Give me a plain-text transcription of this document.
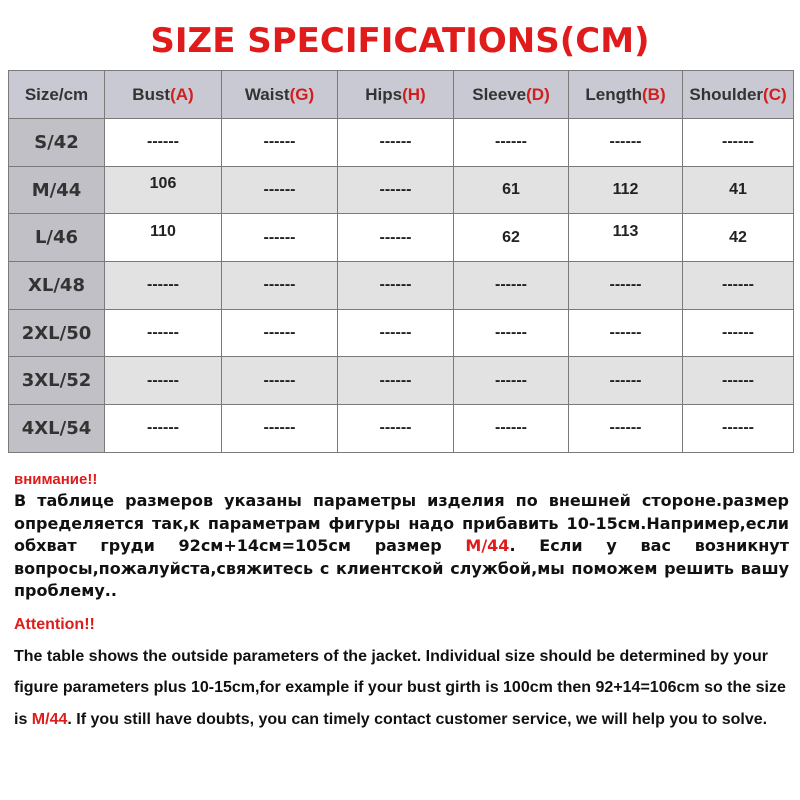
SIZE SPECIFICATIONS(CM)
Size/cm	Bust(A)	Waist(G)	Hips(H)	Sleeve(D)	Length(B)	Shoulder(C)
S/42	------	------	------	------	------	------
M/44	106	------	------	61	112	41
L/46	110	------	------	62	113	42
XL/48	------	------	------	------	------	------
2XL/50	------	------	------	------	------	------
3XL/52	------	------	------	------	------	------
4XL/54	------	------	------	------	------	------
внимание!!
В таблице размеров указаны параметры изделия по внешней стороне.размер определяется так,к параметрам фигуры надо прибавить 10-15см.Например,если обхват груди 92см+14см=105см размер M/44. Если у вас возникнут вопросы,пожалуйста,свяжитесь с клиентской службой,мы поможем решить вашу проблему..
Attention!!
The table shows the outside parameters of the jacket. Individual size should be determined by your figure parameters plus 10-15cm,for example if your bust girth is 100cm then 92+14=106cm so the size is M/44. If you still have doubts, you can timely contact customer service, we will help you to solve.
